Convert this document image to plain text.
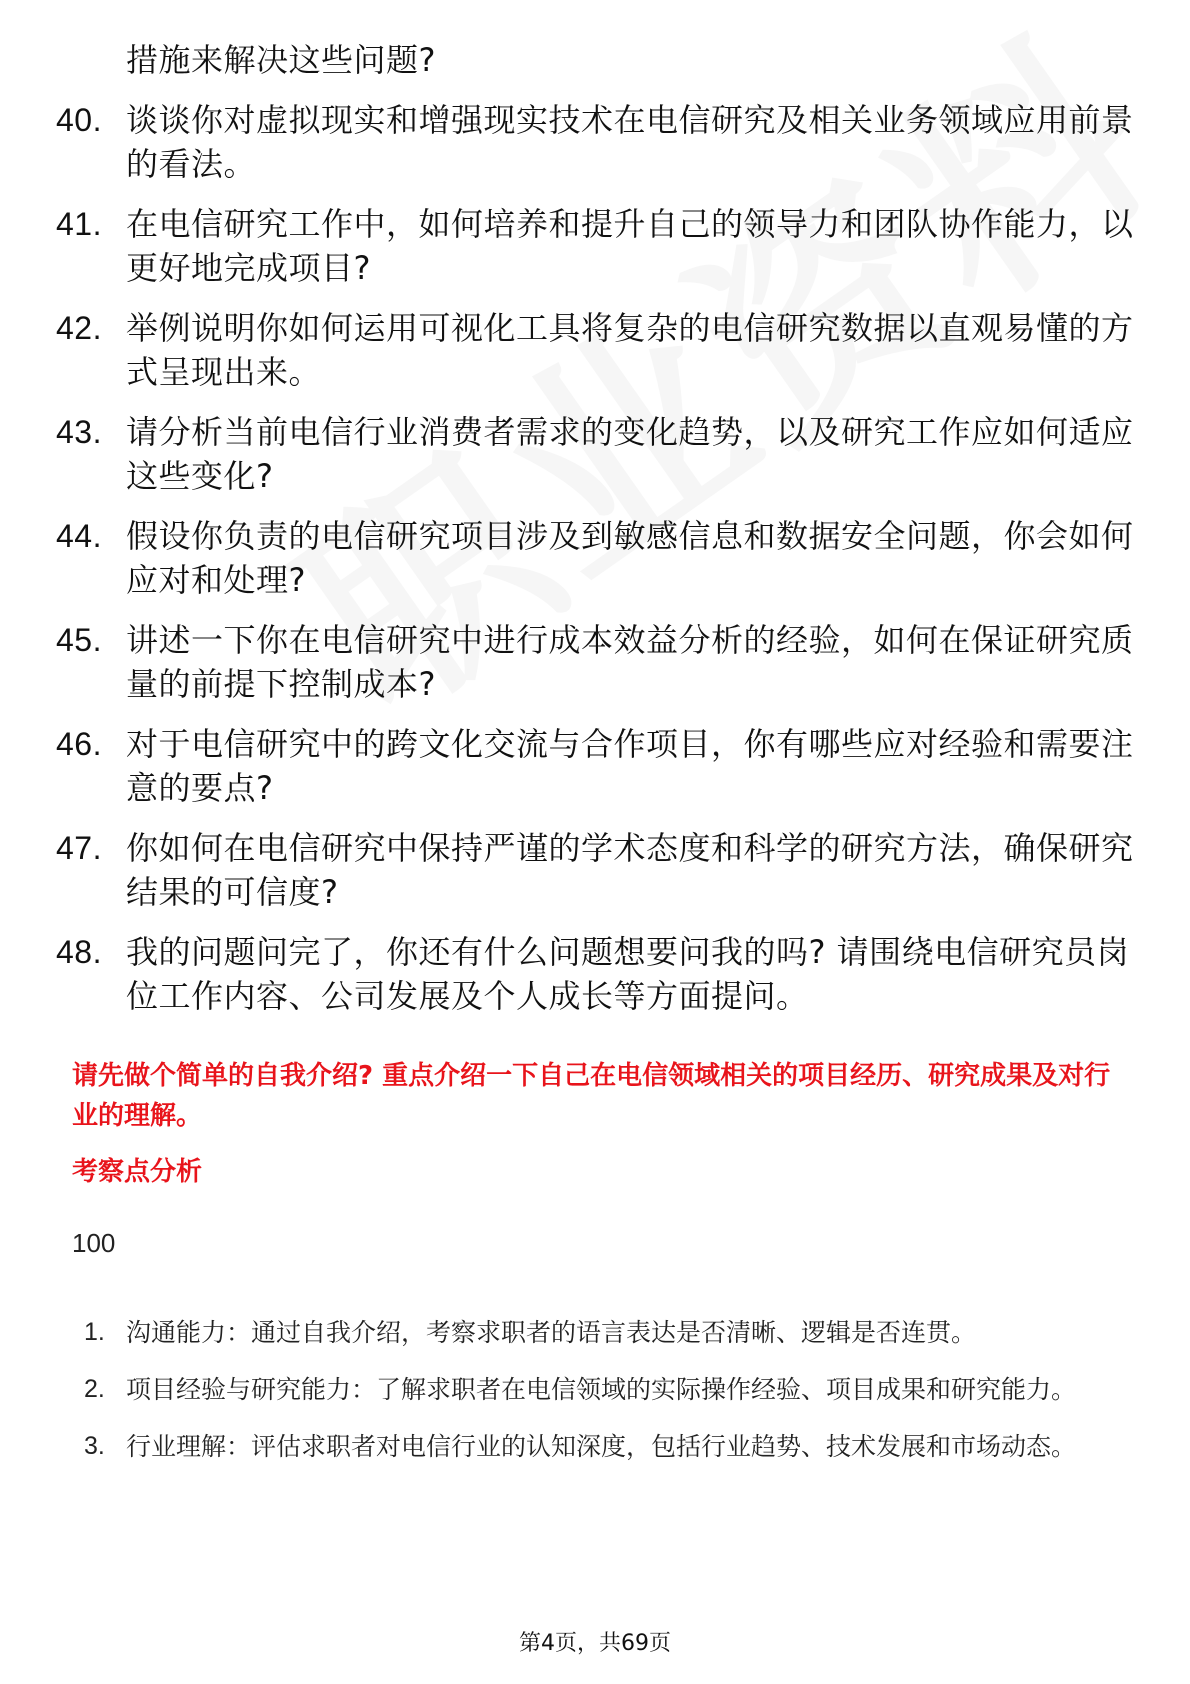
措施来解决这些问题?
40. 谈谈你对虚拟现实和增强现实技术在电信研究及相关业务领域应用前景的看法。
41. 在电信研究工作中，如何培养和提升自己的领导力和团队协作能力，以更好地完成项目?
42. 举例说明你如何运用可视化工具将复杂的电信研究数据以直观易懂的方式呈现出来。
43. 请分析当前电信行业消费者需求的变化趋势，以及研究工作应如何适应这些变化?
44. 假设你负责的电信研究项目涉及到敏感信息和数据安全问题，你会如何应对和处理?
45. 讲述一下你在电信研究中进行成本效益分析的经验，如何在保证研究质量的前提下控制成本?
46. 对于电信研究中的跨文化交流与合作项目，你有哪些应对经验和需要注意的要点?
47. 你如何在电信研究中保持严谨的学术态度和科学的研究方法，确保研究结果的可信度?
48. 我的问题问完了，你还有什么问题想要问我的吗? 请围绕电信研究员岗位工作内容、公司发展及个人成长等方面提问。
请先做个简单的自我介绍? 重点介绍一下自己在电信领域相关的项目经历、研究成果及对行业的理解。
考察点分析
100
1. 沟通能力：通过自我介绍，考察求职者的语言表达是否清晰、逻辑是否连贯。
2. 项目经验与研究能力：了解求职者在电信领域的实际操作经验、项目成果和研究能力。
3. 行业理解：评估求职者对电信行业的认知深度，包括行业趋势、技术发展和市场动态。
第4页，共69页
